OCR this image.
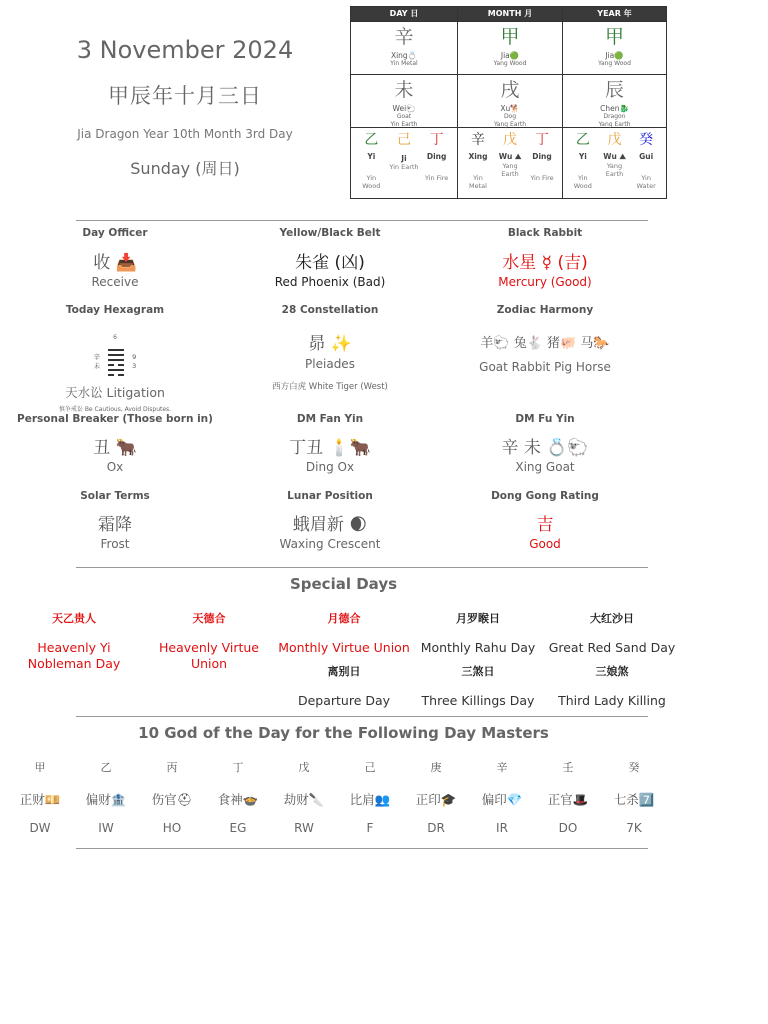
3 November 2024
甲辰年十月三日
Jia Dragon Year 10th Month 3rd Day
Sunday (周日)
DAY 日
辛
Xing💍
Yin Metal
未
Wei🐑
Goat
Yin Earth
乙
Yi
Yin Wood
己
Ji
Yin Earth
丁
Ding
Yin Fire
MONTH 月
甲
Jia🟢
Yang Wood
戌
Xu🐕
Dog
Yang Earth
辛
Xing
Yin Metal
戊
Wu ⛰
Yang Earth
丁
Ding
Yin Fire
YEAR 年
甲
Jia🟢
Yang Wood
辰
Chen🐉
Dragon
Yang Earth
乙
Yi
Yin Wood
戊
Wu ⛰
Yang Earth
癸
Gui
Yin Water
Day Officer
收 📥
Receive
Yellow/Black Belt
朱雀 (凶)
Red Phoenix (Bad)
Black Rabbit
水星 ☿ (吉)
Mercury (Good)
Today Hexagram
6
辛
未
9
3
天水讼 Litigation
慎争戒讼 Be Cautious, Avoid Disputes.
28 Constellation
昴 ✨
Pleiades
西方白虎 White Tiger (West)
Zodiac Harmony
羊🐑 兔🐇 猪🐖 马🐎
Goat Rabbit Pig Horse
Personal Breaker (Those born in)
丑 🐂
Ox
DM Fan Yin
丁丑 🕯️🐂
Ding Ox
DM Fu Yin
辛 未 💍🐑
Xing Goat
Solar Terms
霜降
Frost
Lunar Position
蛾眉新 🌒
Waxing Crescent
Dong Gong Rating
吉
Good
Special Days
天乙贵人
Heavenly Yi Nobleman Day
天德合
Heavenly Virtue Union
月德合
Monthly Virtue Union
月罗睺日
Monthly Rahu Day
大红沙日
Great Red Sand Day
离别日
Departure Day
三煞日
Three Killings Day
三娘煞
Third Lady Killing
10 God of the Day for the Following Day Masters
甲
正财💴
DW
乙
偏财🏦
IW
丙
伤官⛑
HO
丁
食神🍲
EG
戊
劫财🔪
RW
己
比肩👥
F
庚
正印🎓
DR
辛
偏印💎
IR
壬
正官🎩
DO
癸
七杀7️⃣
7K
